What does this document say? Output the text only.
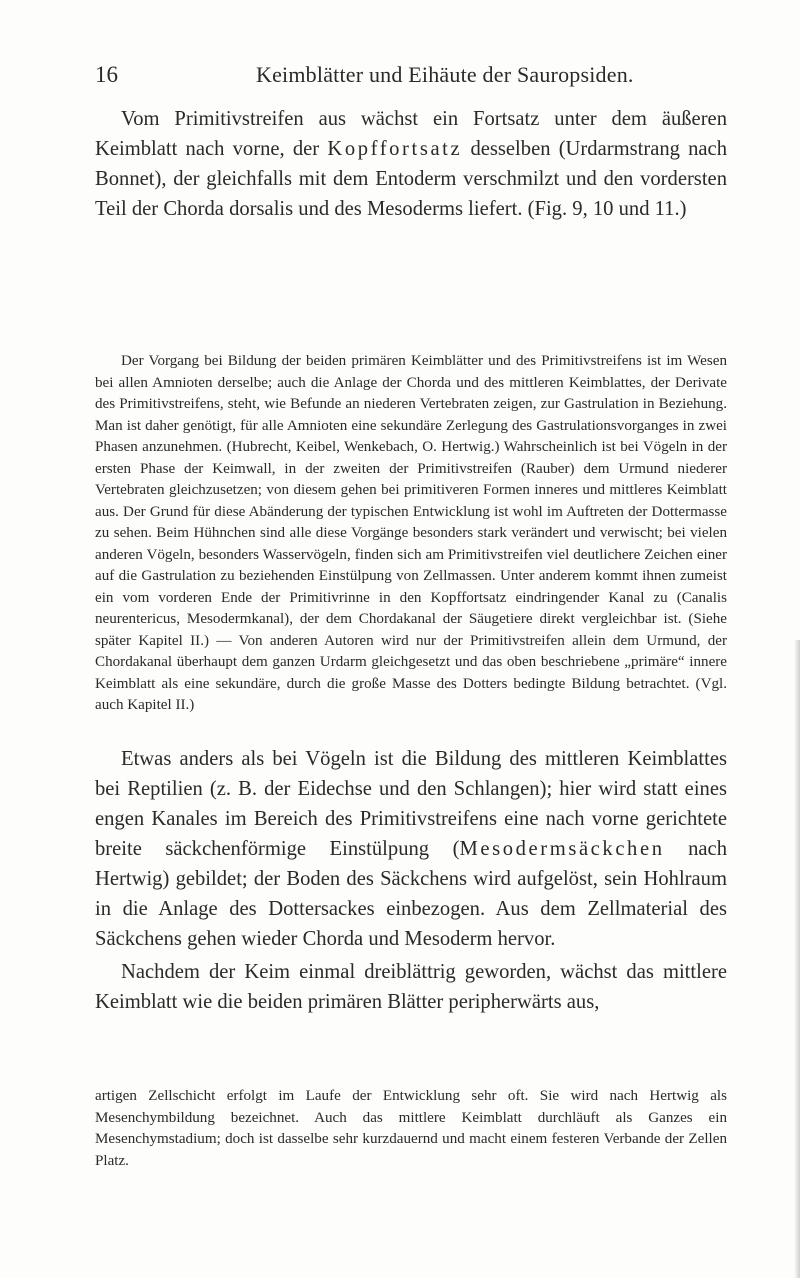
16	Keimblätter und Eihäute der Sauropsiden.

Vom Primitivstreifen aus wächst ein Fortsatz unter dem äußeren Keimblatt nach vorne, der Kopffortsatz desselben (Urdarmstrang nach Bonnet), der gleichfalls mit dem Entoderm verschmilzt und den vordersten Teil der Chorda dorsalis und des Mesoderms liefert. (Fig. 9, 10 und 11.)

Der Vorgang bei Bildung der beiden primären Keimblätter und des Primitivstreifens ist im Wesen bei allen Amnioten derselbe; auch die Anlage der Chorda und des mittleren Keimblattes, der Derivate des Primitivstreifens, steht, wie Befunde an niederen Vertebraten zeigen, zur Gastrulation in Beziehung. Man ist daher genötigt, für alle Amnioten eine sekundäre Zerlegung des Gastrulationsvorganges in zwei Phasen anzunehmen. (Hubrecht, Keibel, Wenkebach, O. Hertwig.) Wahrscheinlich ist bei Vögeln in der ersten Phase der Keimwall, in der zweiten der Primitivstreifen (Rauber) dem Urmund niederer Vertebraten gleichzusetzen; von diesem gehen bei primitiveren Formen inneres und mittleres Keimblatt aus. Der Grund für diese Abänderung der typischen Entwicklung ist wohl im Auftreten der Dottermasse zu sehen. Beim Hühnchen sind alle diese Vorgänge besonders stark verändert und verwischt; bei vielen anderen Vögeln, besonders Wasservögeln, finden sich am Primitivstreifen viel deutlichere Zeichen einer auf die Gastrulation zu beziehenden Einstülpung von Zellmassen. Unter anderem kommt ihnen zumeist ein vom vorderen Ende der Primitivrinne in den Kopffortsatz eindringender Kanal zu (Canalis neurentericus, Mesodermkanal), der dem Chordakanal der Säugetiere direkt vergleichbar ist. (Siehe später Kapitel II.) — Von anderen Autoren wird nur der Primitivstreifen allein dem Urmund, der Chordakanal überhaupt dem ganzen Urdarm gleichgesetzt und das oben beschriebene „primäre“ innere Keimblatt als eine sekundäre, durch die große Masse des Dotters bedingte Bildung betrachtet. (Vgl. auch Kapitel II.)

Etwas anders als bei Vögeln ist die Bildung des mittleren Keimblattes bei Reptilien (z. B. der Eidechse und den Schlangen); hier wird statt eines engen Kanales im Bereich des Primitivstreifens eine nach vorne gerichtete breite säckchenförmige Einstülpung (Mesodermsäckchen nach Hertwig) gebildet; der Boden des Säckchens wird aufgelöst, sein Hohlraum in die Anlage des Dottersackes einbezogen. Aus dem Zellmaterial des Säckchens gehen wieder Chorda und Mesoderm hervor.

Nachdem der Keim einmal dreiblättrig geworden, wächst das mittlere Keimblatt wie die beiden primären Blätter peripherwärts aus,

artigen Zellschicht erfolgt im Laufe der Entwicklung sehr oft. Sie wird nach Hertwig als Mesenchymbildung bezeichnet. Auch das mittlere Keimblatt durchläuft als Ganzes ein Mesenchymstadium; doch ist dasselbe sehr kurzdauernd und macht einem festeren Verbande der Zellen Platz.
